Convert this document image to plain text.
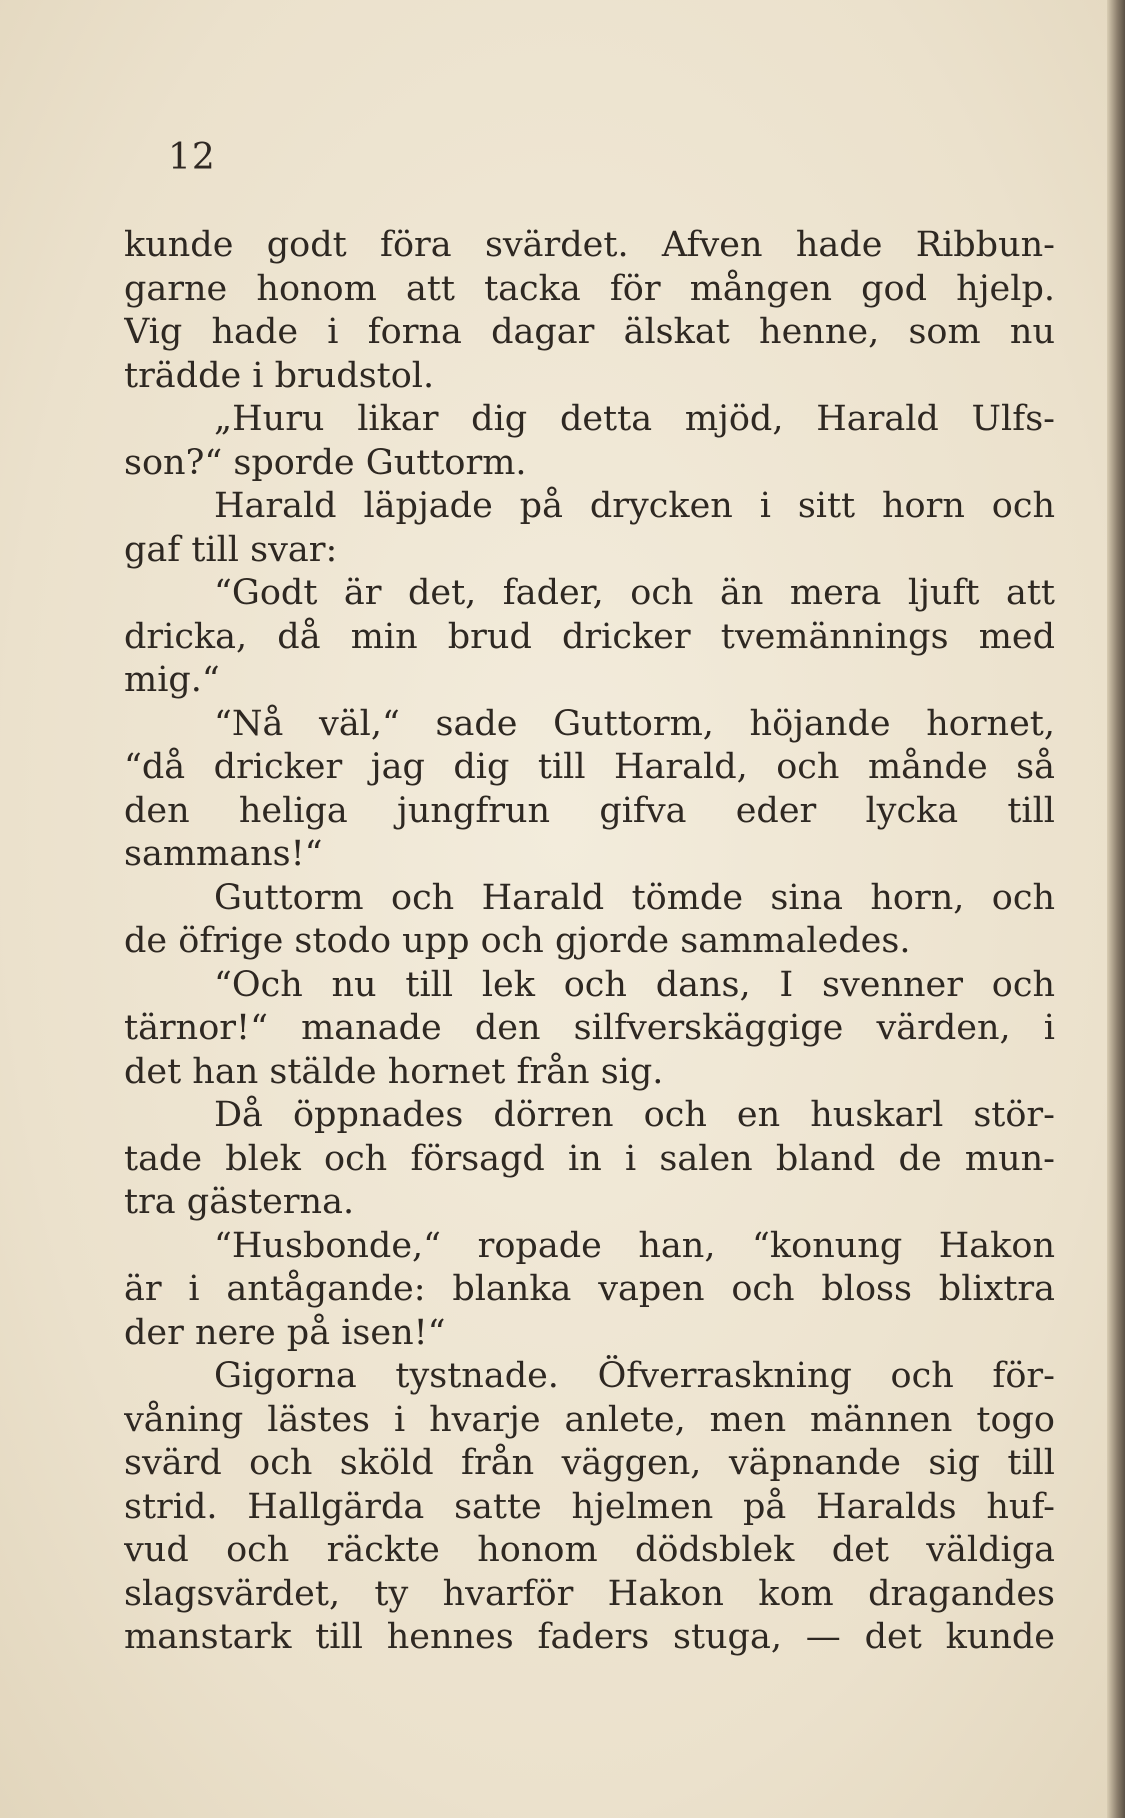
12
kunde godt föra svärdet. Afven hade Ribbun-
garne honom att tacka för mången god hjelp.
Vig hade i forna dagar älskat henne, som nu
trädde i brudstol.
„Huru likar dig detta mjöd, Harald Ulfs-
son?“ sporde Guttorm.
Harald läpjade på drycken i sitt horn och
gaf till svar:
“Godt är det, fader, och än mera ljuft att
dricka, då min brud dricker tvemännings med
mig.“
“Nå väl,“ sade Guttorm, höjande hornet,
“då dricker jag dig till Harald, och månde så
den heliga jungfrun gifva eder lycka till
sammans!“
Guttorm och Harald tömde sina horn, och
de öfrige stodo upp och gjorde sammaledes.
“Och nu till lek och dans, I svenner och
tärnor!“ manade den silfverskäggige värden, i
det han stälde hornet från sig.
Då öppnades dörren och en huskarl stör-
tade blek och försagd in i salen bland de mun-
tra gästerna.
“Husbonde,“ ropade han, “konung Hakon
är i antågande: blanka vapen och bloss blixtra
der nere på isen!“
Gigorna tystnade. Öfverraskning och för-
våning lästes i hvarje anlete, men männen togo
svärd och sköld från väggen, väpnande sig till
strid. Hallgärda satte hjelmen på Haralds huf-
vud och räckte honom dödsblek det väldiga
slagsvärdet, ty hvarför Hakon kom dragandes
manstark till hennes faders stuga, — det kunde
